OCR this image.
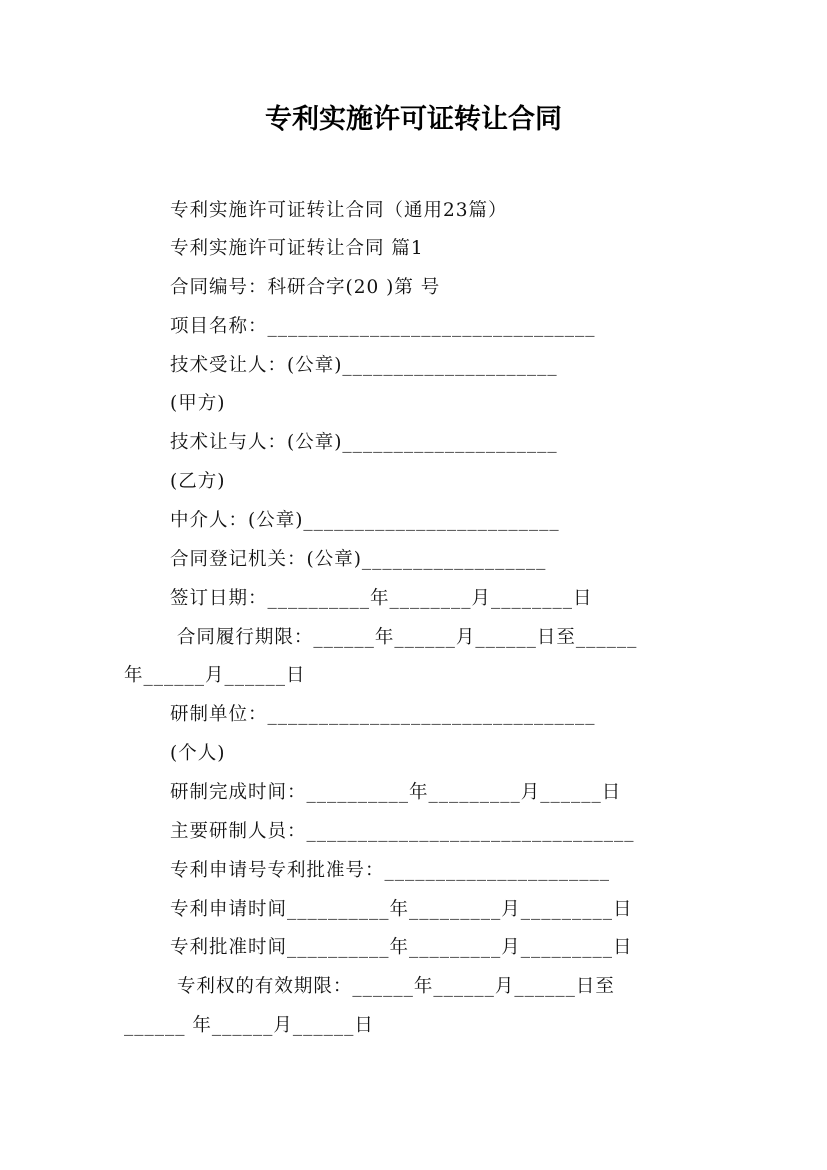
专利实施许可证转让合同
专利实施许可证转让合同（通用23篇）
专利实施许可证转让合同 篇1
合同编号：科研合字(20 )第 号
项目名称：________________________________
技术受让人：(公章)_____________________
(甲方)
技术让与人：(公章)_____________________
(乙方)
中介人：(公章)_________________________
合同登记机关：(公章)__________________
签订日期：__________年________月________日
合同履行期限：______年______月______日至______
年______月______日
研制单位：________________________________
(个人)
研制完成时间：__________年_________月______日
主要研制人员：________________________________
专利申请号专利批准号：______________________
专利申请时间__________年_________月_________日
专利批准时间__________年_________月_________日
专利权的有效期限：______年______月______日至
______ 年______月______日
